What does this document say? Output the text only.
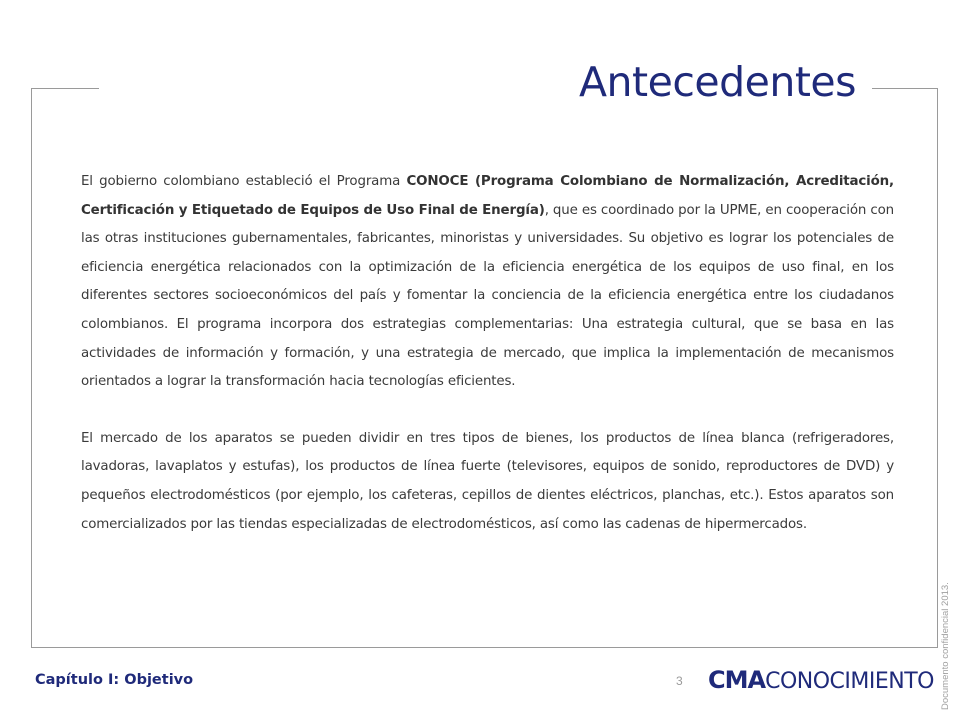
Antecedentes

El gobierno colombiano estableció el Programa CONOCE (Programa Colombiano de Normalización, Acreditación, Certificación y Etiquetado de Equipos de Uso Final de Energía), que es coordinado por la UPME, en cooperación con las otras instituciones gubernamentales, fabricantes, minoristas y universidades. Su objetivo es lograr los potenciales de eficiencia energética relacionados con la optimización de la eficiencia energética de los equipos de uso final, en los diferentes sectores socioeconómicos del país y fomentar la conciencia de la eficiencia energética entre los ciudadanos colombianos. El programa incorpora dos estrategias complementarias: Una estrategia cultural, que se basa en las actividades de información y formación, y una estrategia de mercado, que implica la implementación de mecanismos orientados a lograr la transformación hacia tecnologías eficientes.

El mercado de los aparatos se pueden dividir en tres tipos de bienes, los productos de línea blanca (refrigeradores, lavadoras, lavaplatos y estufas), los productos de línea fuerte (televisores, equipos de sonido, reproductores de DVD) y pequeños electrodomésticos (por ejemplo, los cafeteras, cepillos de dientes eléctricos, planchas, etc.). Estos aparatos son comercializados por las tiendas especializadas de electrodomésticos, así como las cadenas de hipermercados.

Capítulo I: Objetivo	3 CMACONOCIMIENTO Documento confidencial 2013.
